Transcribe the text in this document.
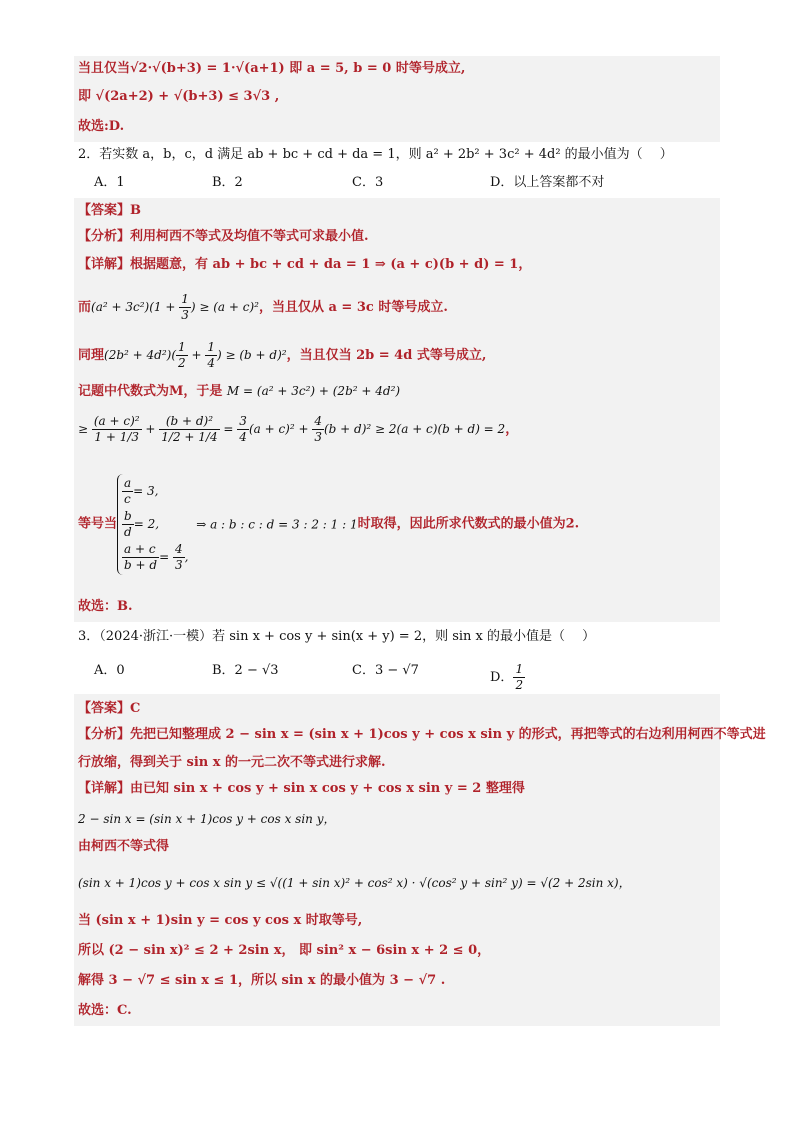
当且仅当√2·√(b+3) = 1·√(a+1) 即 a = 5, b = 0 时等号成立,
即 √(2a+2) + √(b+3) ≤ 3√3 ,
故选:D.
2．若实数 a，b，c，d 满足 ab + bc + cd + da = 1，则 a² + 2b² + 3c² + 4d² 的最小值为（　 ）
A．1	B．2	C．3	D．以上答案都不对
【答案】B
【分析】利用柯西不等式及均值不等式可求最小值.
【详解】根据题意，有 ab + bc + cd + da = 1 ⇒ (a + c)(b + d) = 1，
而$(a^2 + 3c^2)(1 + \frac{1}{3}$ ) ≥ (a + c)²，当且仅从 a = 3c 时等号成立.
同理$(2b^2 + 4d^2)( \frac{1}{2} + \frac{1}{4}$ ) ≥ (b + d)²，当且仅当 2b = 4d 式等号成立,
记题中代数式为M，于是 M = (a² + 3c²) + (2b² + 4d²)
≥ $\frac{\text{(a + c)²}}{1 + 1/3} + \frac{\text{(b + d)²}}{1/2 + 1/4} = \frac{3}{4} (a + c)^2 + \frac{4}{3} (b + d)^2 \ge 2(a + c)(b + d) = 2$，
等号当
$\frac{a}{c} = 3$,
$\frac{b}{d} = 2$,
$\frac{a + c}{b + d} = \frac{4}{3}$ ,
⇒ a : b : c : d = 3 : 2 : 1 : 1时取得，因此所求代数式的最小值为2.
故选：B.
3．（2024·浙江·一模）若 sin x + cos y + sin(x + y) = 2，则 sin x 的最小值是（　 ）
A．0	B．2 − √3	C．3 − √7	D． $\frac{1}{2}$
【答案】C
【分析】先把已知整理成 2 − sin x = (sin x + 1)cos y + cos x sin y 的形式，再把等式的右边利用柯西不等式进
行放缩，得到关于 sin x 的一元二次不等式进行求解.
【详解】由已知 sin x + cos y + sin x cos y + cos x sin y = 2 整理得
2 − sin x = (sin x + 1)cos y + cos x sin y，
由柯西不等式得
(sin x + 1)cos y + cos x sin y ≤ √((1 + sin x)² + cos² x) · √(cos² y + sin² y) = √(2 + 2sin x)，
当 (sin x + 1)sin y = cos y cos x 时取等号,
所以 (2 − sin x)² ≤ 2 + 2sin x， 即 sin² x − 6sin x + 2 ≤ 0，
解得 3 − √7 ≤ sin x ≤ 1，所以 sin x 的最小值为 3 − √7 .
故选：C.
